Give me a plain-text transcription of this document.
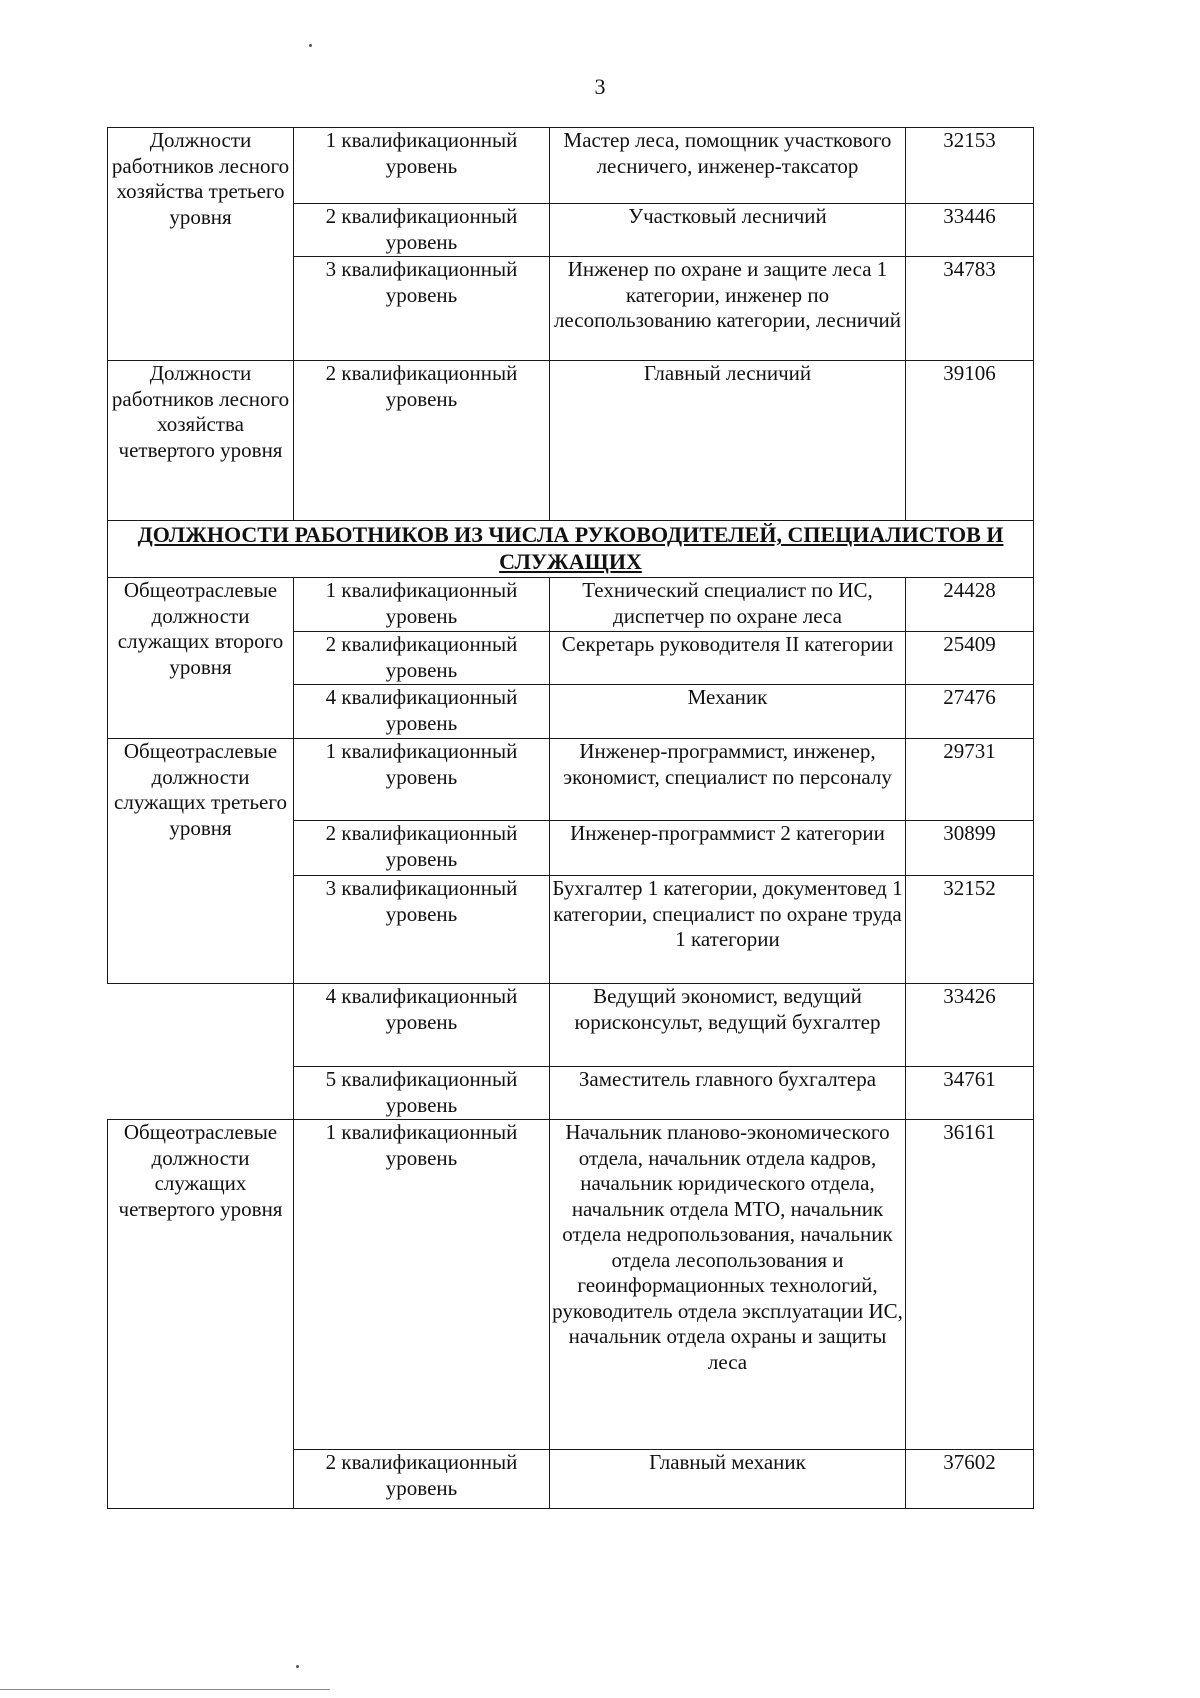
3
Должности работников лесного хозяйства третьего уровня	1 квалификационный уровень	Мастер леса, помощник участкового лесничего, инженер-таксатор	32153
	2 квалификационный уровень	Участковый лесничий	33446
	3 квалификационный уровень	Инженер по охране и защите леса 1 категории, инженер по лесопользованию категории, лесничий	34783
Должности работников лесного хозяйства четвертого уровня	2 квалификационный уровень	Главный лесничий	39106
ДОЛЖНОСТИ РАБОТНИКОВ ИЗ ЧИСЛА РУКОВОДИТЕЛЕЙ, СПЕЦИАЛИСТОВ И СЛУЖАЩИХ			
Общеотраслевые должности служащих второго уровня	1 квалификационный уровень	Технический специалист по ИС, диспетчер по охране леса	24428
	2 квалификационный уровень	Секретарь руководителя II категории	25409
	4 квалификационный уровень	Механик	27476
Общеотраслевые должности служащих третьего уровня	1 квалификационный уровень	Инженер-программист, инженер, экономист, специалист по персоналу	29731
	2 квалификационный уровень	Инженер-программист 2 категории	30899
	3 квалификационный уровень	Бухгалтер 1 категории, документовед 1 категории, специалист по охране труда 1 категории	32152
	4 квалификационный уровень	Ведущий экономист, ведущий юрисконсульт, ведущий бухгалтер	33426
	5 квалификационный уровень	Заместитель главного бухгалтера	34761
Общеотраслевые должности служащих четвертого уровня	1 квалификационный уровень	Начальник планово-экономического отдела, начальник отдела кадров, начальник юридического отдела, начальник отдела МТО, начальник отдела недропользования, начальник отдела лесопользования и геоинформационных технологий, руководитель отдела эксплуатации ИС, начальник отдела охраны и защиты леса	36161
	2 квалификационный уровень	Главный механик	37602
